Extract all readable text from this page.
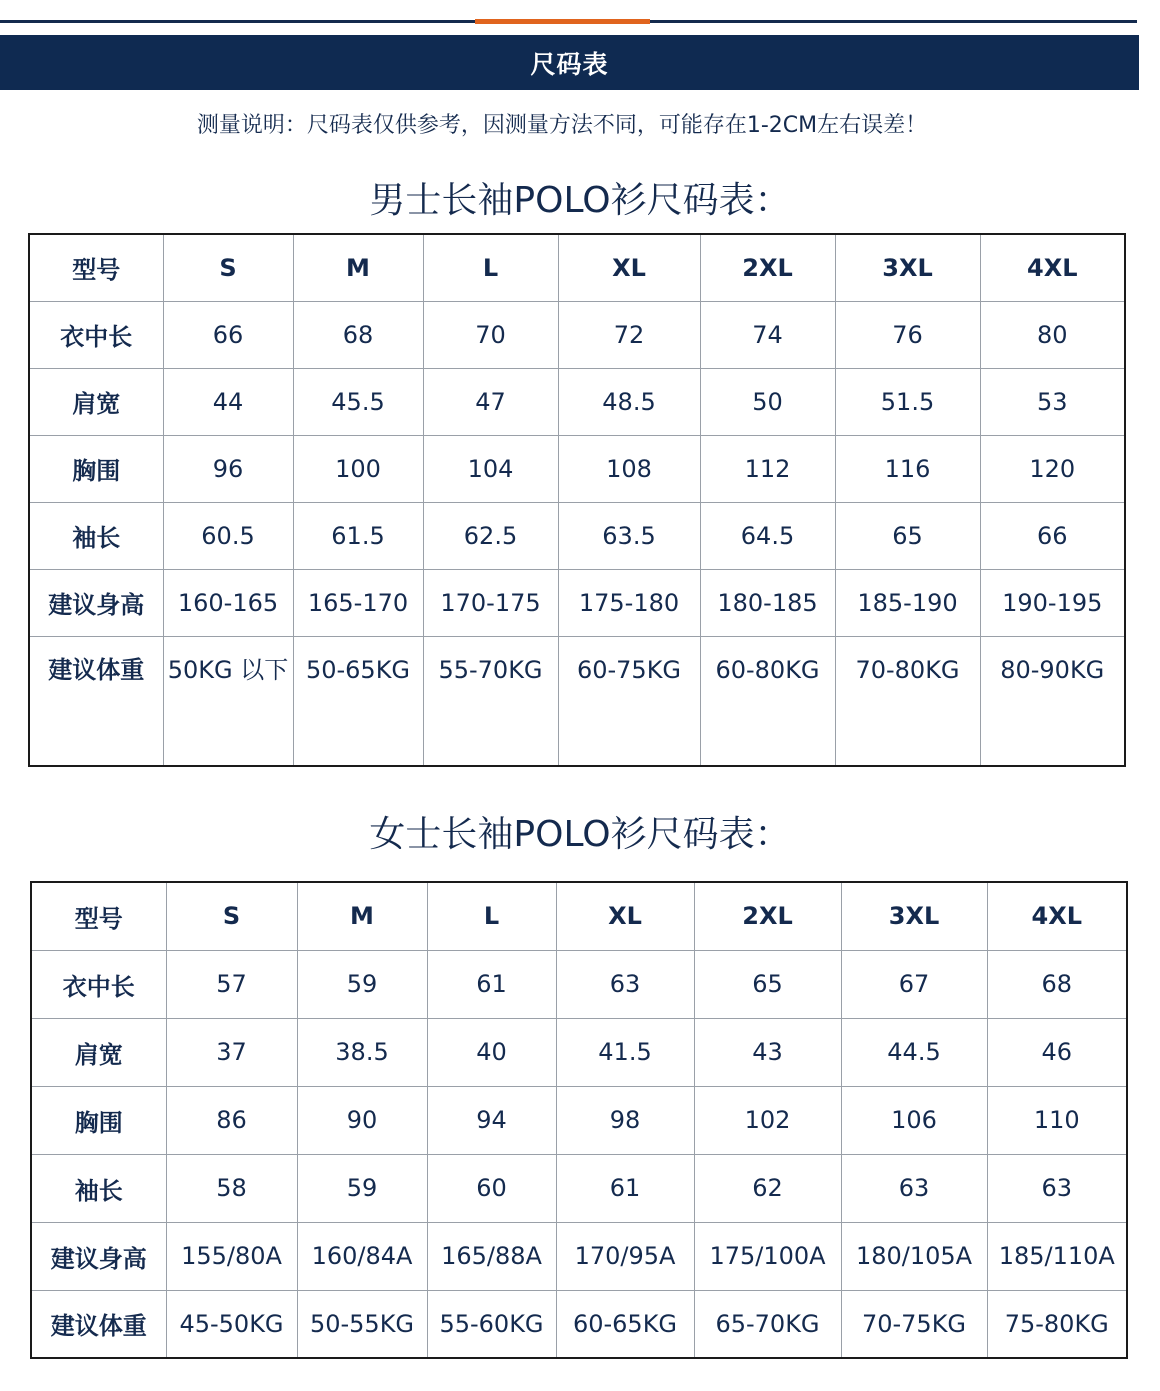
尺码表
测量说明：尺码表仅供参考，因测量方法不同，可能存在1-2CM左右误差！
男士长袖POLO衫尺码表：
型号	S	M	L	XL	2XL	3XL	4XL
衣中长	66	68	70	72	74	76	80
肩宽	44	45.5	47	48.5	50	51.5	53
胸围	96	100	104	108	112	116	120
袖长	60.5	61.5	62.5	63.5	64.5	65	66
建议身高	160-165	165-170	170-175	175-180	180-185	185-190	190-195
建议体重	50KG 以下	50-65KG	55-70KG	60-75KG	60-80KG	70-80KG	80-90KG
女士长袖POLO衫尺码表：
型号	S	M	L	XL	2XL	3XL	4XL
衣中长	57	59	61	63	65	67	68
肩宽	37	38.5	40	41.5	43	44.5	46
胸围	86	90	94	98	102	106	110
袖长	58	59	60	61	62	63	63
建议身高	155/80A	160/84A	165/88A	170/95A	175/100A	180/105A	185/110A
建议体重	45-50KG	50-55KG	55-60KG	60-65KG	65-70KG	70-75KG	75-80KG
